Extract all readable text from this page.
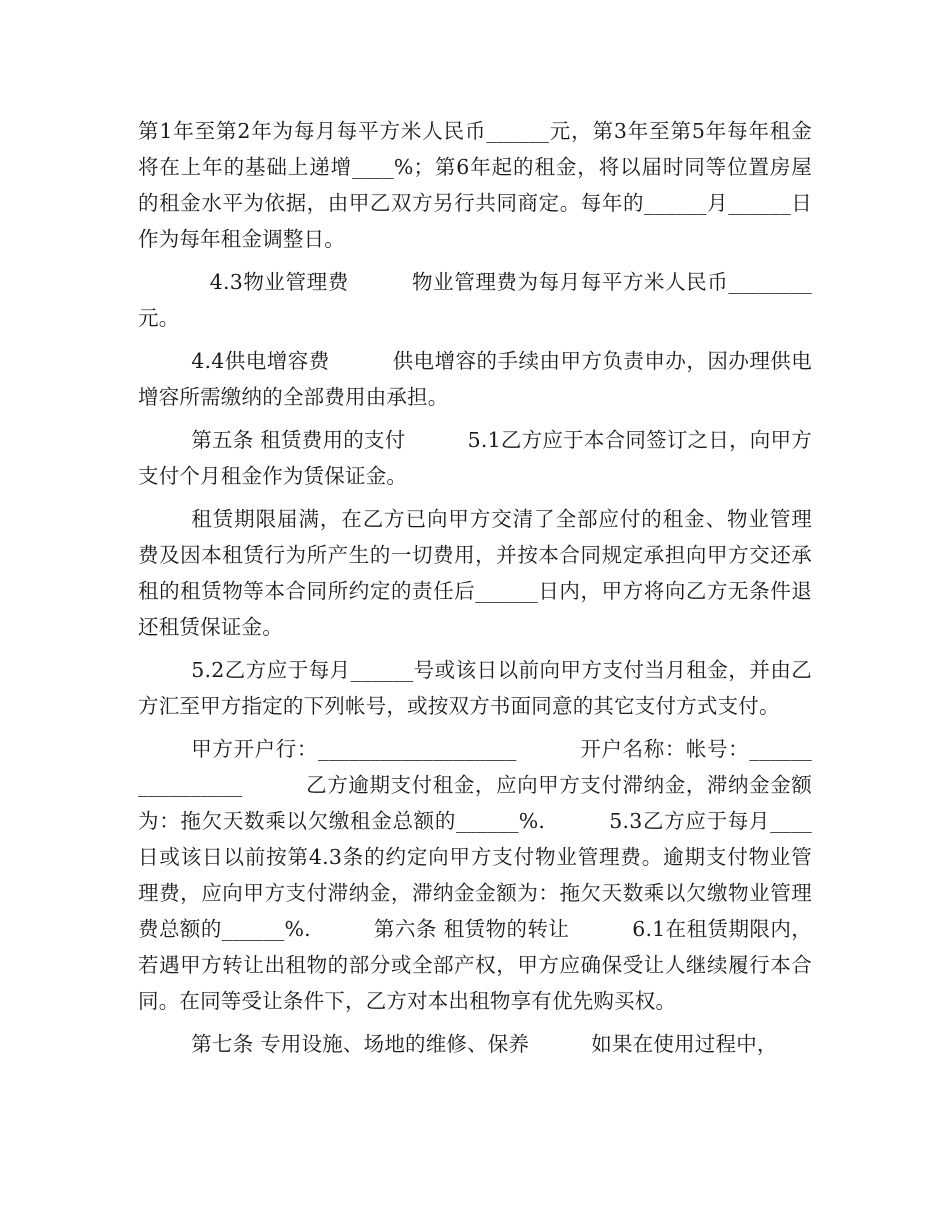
第1年至第2年为每月每平方米人民币______元，第3年至第5年每年租金将在上年的基础上递增____%；第6年起的租金，将以届时同等位置房屋的租金水平为依据，由甲乙双方另行共同商定。每年的______月______日作为每年租金调整日。

4.3物业管理费　　　物业管理费为每月每平方米人民币________元。

4.4供电增容费　　　供电增容的手续由甲方负责申办，因办理供电增容所需缴纳的全部费用由承担。

第五条 租赁费用的支付　　　5.1乙方应于本合同签订之日，向甲方支付个月租金作为赁保证金。

租赁期限届满，在乙方已向甲方交清了全部应付的租金、物业管理费及因本租赁行为所产生的一切费用，并按本合同规定承担向甲方交还承租的租赁物等本合同所约定的责任后______日内，甲方将向乙方无条件退还租赁保证金。

5.2乙方应于每月______号或该日以前向甲方支付当月租金，并由乙方汇至甲方指定的下列帐号，或按双方书面同意的其它支付方式支付。

甲方开户行：___________________　　　开户名称：帐号：________________　　　乙方逾期支付租金，应向甲方支付滞纳金，滞纳金金额为：拖欠天数乘以欠缴租金总额的______%.　　　5.3乙方应于每月____日或该日以前按第4.3条的约定向甲方支付物业管理费。逾期支付物业管理费，应向甲方支付滞纳金，滞纳金金额为：拖欠天数乘以欠缴物业管理费总额的______%.　　　第六条 租赁物的转让　　　6.1在租赁期限内，若遇甲方转让出租物的部分或全部产权，甲方应确保受让人继续履行本合同。在同等受让条件下，乙方对本出租物享有优先购买权。

第七条 专用设施、场地的维修、保养　　　如果在使用过程中，
